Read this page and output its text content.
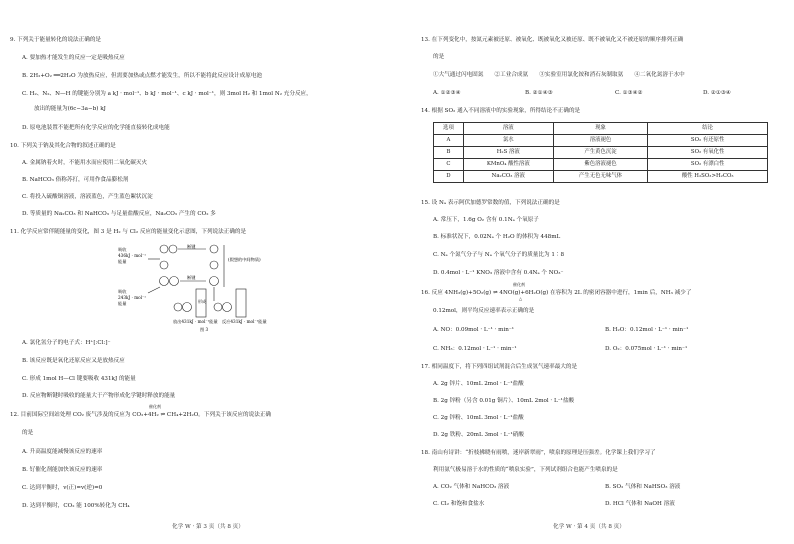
9. 下列关于能量转化的说法正确的是
A. 要加热才能发生的反应一定是吸热反应
B. 2H₂+O₂ ══2H₂O 为放热反应，但需要加热或点燃才能发生，所以不能将此反应设计成原电池
C. H₂、N₂、N—H 的键能分别为 a kJ · mol⁻¹、b kJ · mol⁻¹、c kJ · mol⁻¹，则 3mol H₂ 和 1mol N₂ 充分反应，
放出的能量为(6c−3a−b) kJ
D. 原电池装置不能把所有化学反应的化学能直接转化成电能
10. 下列关于钠及其化合物的叙述正确的是
A. 金属钠着火时，不能用水而应使用二氧化碳灭火
B. NaHCO₃ 俗称苏打，可用作食品膨松剂
C. 将投入硫酸铜溶液，溶液蓝色，产生蓝色絮状沉淀
D. 等质量的 Na₂CO₃ 和 NaHCO₃ 与足量盐酸反应，Na₂CO₃ 产生的 CO₂ 多
11. 化学反应常伴随能量的变化，图 3 是 H₂ 与 Cl₂ 反应的能量变化示意图，下列说法正确的是
断键
吸收
436kJ · mol⁻¹
能量
断键
吸收
243kJ · mol⁻¹
能量
(假想的中间物质)
形成
放出431kJ · mol⁻¹能量 反应431kJ · mol⁻¹能量
图 3
A. 氯化氢分子的电子式：H⁺[:Cl:]⁻
B. 该反应既是氧化还原反应又是放热反应
C. 形成 1mol H—Cl 键要吸收 431kJ 的能量
D. 反应物断键时吸收的能量大于产物形成化学键时释放的能量
催化剂
12. 目前国际空间站处理 CO₂ 废气涉及的反应为 CO₂+4H₂ ⇌ CH₄+2H₂O。下列关于该反应的说法正确
的是
A. 升高温度能减慢该反应的速率
B. 钌催化剂能加快该反应的速率
C. 达到平衡时，v(正)=v(逆)=0
D. 达到平衡时，CO₂ 能 100%转化为 CH₄
化学 W · 第 3 页（共 8 页）
13. 在下列变化中，按氮元素被还原、被氧化、既被氧化又被还原、既不被氧化又不被还原的顺序排列正确
的是
①大气通过闪电固氮　　②工业合成氨　　③实验室用氯化铵和消石灰制取氨　　④二氧化氮溶于水中
A. ①②③④	B. ②①④③	C. ①③④②	D. ②①③④
14. 根据 SO₂ 通入不同溶液中的实验现象，所得结论不正确的是
选项	溶液	现象	结论
A	氯水	溶液褪色	SO₂ 有还原性
B	H₂S 溶液	产生黄色沉淀	SO₂ 有氧化性
C	KMnO₄ 酸性溶液	紫色溶液褪色	SO₂ 有漂白性
D	Na₂CO₃ 溶液	产生无色无味气体	酸性 H₂SO₃>H₂CO₃
15. 设 Nₐ 表示阿伏加德罗常数的值，下列说法正确的是
A. 常压下，1.6g O₂ 含有 0.1Nₐ 个氧原子
B. 标准状况下，0.02Nₐ 个 H₂O 的体积为 448mL
C. Nₐ 个氮气分子与 Nₐ 个氧气分子的质量比为 1∶8
D. 0.4mol · L⁻¹ KNO₃ 溶液中含有 0.4Nₐ 个 NO₃⁻
催化剂
△
16. 反应 4NH₃(g)+5O₂(g) ⇌ 4NO(g)+6H₂O(g) 在容积为 2L 的密闭容器中进行，1min 后，NH₃ 减少了
0.12mol，则平均反应速率表示正确的是
A. NO：0.09mol · L⁻¹ · min⁻¹	B. H₂O：0.12mol · L⁻¹ · min⁻¹
C. NH₃：0.12mol · L⁻¹ · min⁻¹	D. O₂：0.075mol · L⁻¹ · min⁻¹
17. 相同温度下，将下列四组试剂混合后生成氢气速率最大的是
A. 2g 锌片、10mL 2mol · L⁻¹盐酸
B. 2g 锌粉（另含 0.01g 铜片）、10mL 2mol · L⁻¹盐酸
C. 2g 锌粉、10mL 3mol · L⁻¹盐酸
D. 2g 铁粉、20mL 3mol · L⁻¹硝酸
18. 南山有诗讲：“折枝拂晓有雨喷，迷岸新翠雨”，喷泉的原理是压强差。化学课上我们学习了
利用氨气极易溶于水的性质的“喷泉实验”，下列试剂组合也能产生喷泉的是
A. CO₂ 气体和 NaHCO₃ 溶液	B. SO₂ 气体和 NaHSO₃ 溶液
C. Cl₂ 和饱和食盐水	D. HCl 气体和 NaOH 溶液
化学 W · 第 4 页（共 8 页）
